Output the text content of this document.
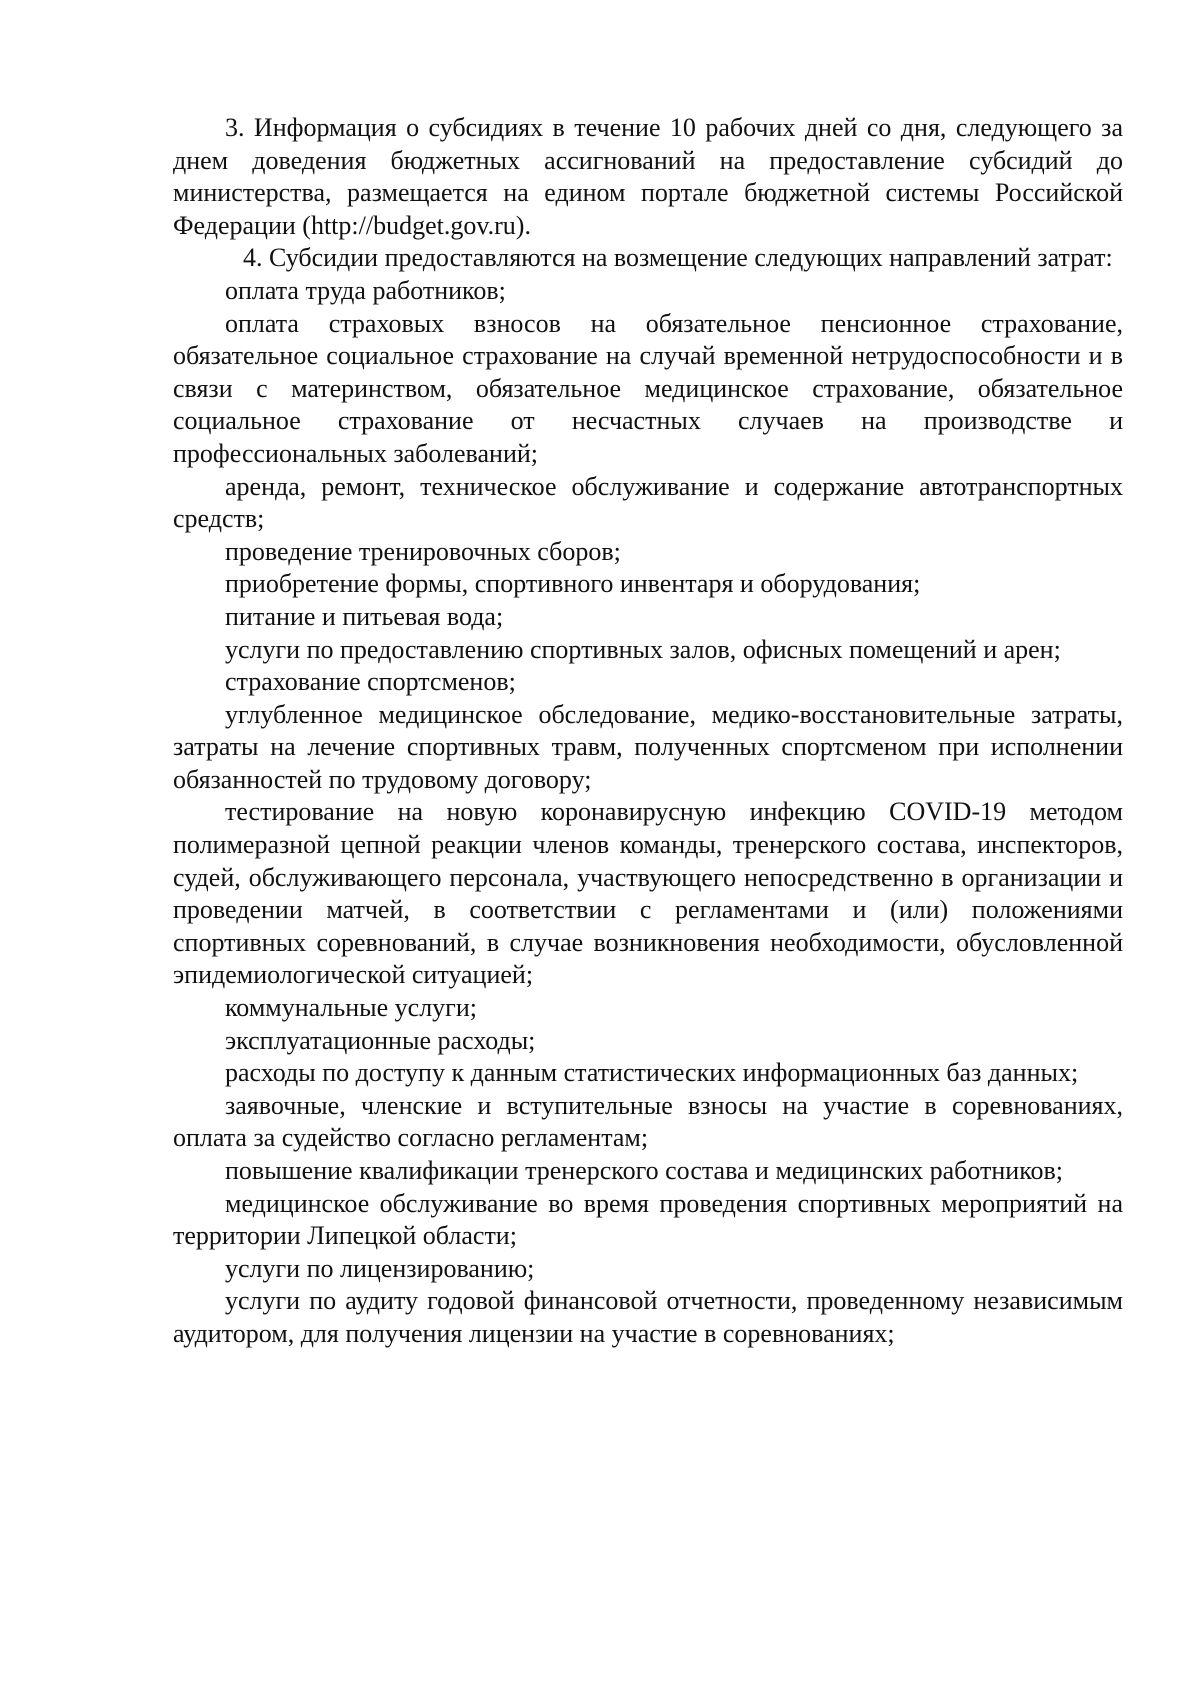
3. Информация о субсидиях в течение 10 рабочих дней со дня, следующего за днем доведения бюджетных ассигнований на предоставление субсидий до министерства, размещается на едином портале бюджетной системы Российской Федерации (http://budget.gov.ru).

4. Субсидии предоставляются на возмещение следующих направлений затрат:

оплата труда работников;

оплата страховых взносов на обязательное пенсионное страхование, обязательное социальное страхование на случай временной нетрудоспособности и в связи с материнством, обязательное медицинское страхование, обязательное социальное страхование от несчастных случаев на производстве и профессиональных заболеваний;

аренда, ремонт, техническое обслуживание и содержание автотранспортных средств;

проведение тренировочных сборов;

приобретение формы, спортивного инвентаря и оборудования;

питание и питьевая вода;

услуги по предоставлению спортивных залов, офисных помещений и арен;

страхование спортсменов;

углубленное медицинское обследование, медико-восстановительные затраты, затраты на лечение спортивных травм, полученных спортсменом при исполнении обязанностей по трудовому договору;

тестирование на новую коронавирусную инфекцию COVID-19 методом полимеразной цепной реакции членов команды, тренерского состава, инспекторов, судей, обслуживающего персонала, участвующего непосредственно в организации и проведении матчей, в соответствии с регламентами и (или) положениями спортивных соревнований, в случае возникновения необходимости, обусловленной эпидемиологической ситуацией;

коммунальные услуги;

эксплуатационные расходы;

расходы по доступу к данным статистических информационных баз данных;

заявочные, членские и вступительные взносы на участие в соревнованиях, оплата за судейство согласно регламентам;

повышение квалификации тренерского состава и медицинских работников;

медицинское обслуживание во время проведения спортивных мероприятий на территории Липецкой области;

услуги по лицензированию;

услуги по аудиту годовой финансовой отчетности, проведенному независимым аудитором, для получения лицензии на участие в соревнованиях;
